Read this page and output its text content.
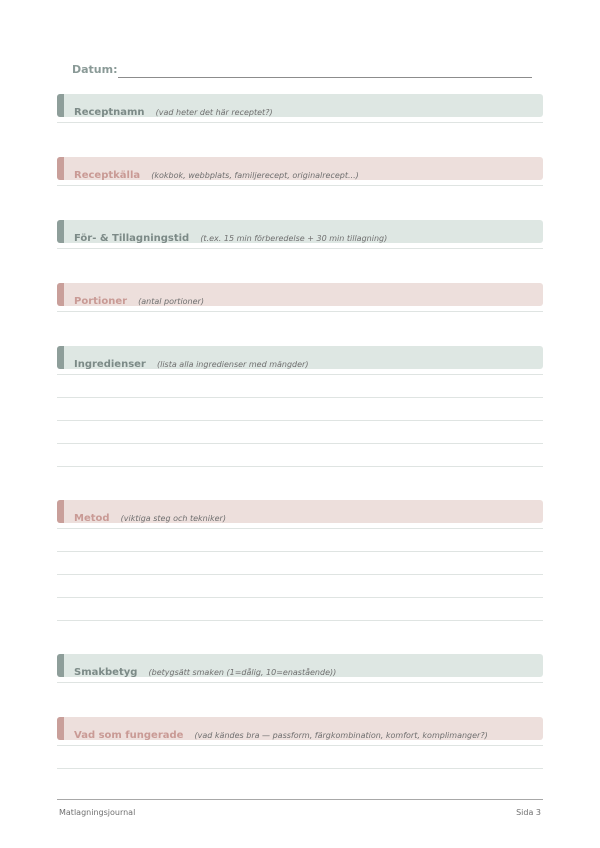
Datum:
Receptnamn (vad heter det här receptet?)
Receptkälla (kokbok, webbplats, familjerecept, originalrecept...)
För- & Tillagningstid (t.ex. 15 min förberedelse + 30 min tillagning)
Portioner (antal portioner)
Ingredienser (lista alla ingredienser med mängder)
Metod (viktiga steg och tekniker)
Smakbetyg (betygsätt smaken (1=dålig, 10=enastående))
Vad som fungerade (vad kändes bra — passform, färgkombination, komfort, komplimanger?)
Matlagningsjournal	Sida 3
